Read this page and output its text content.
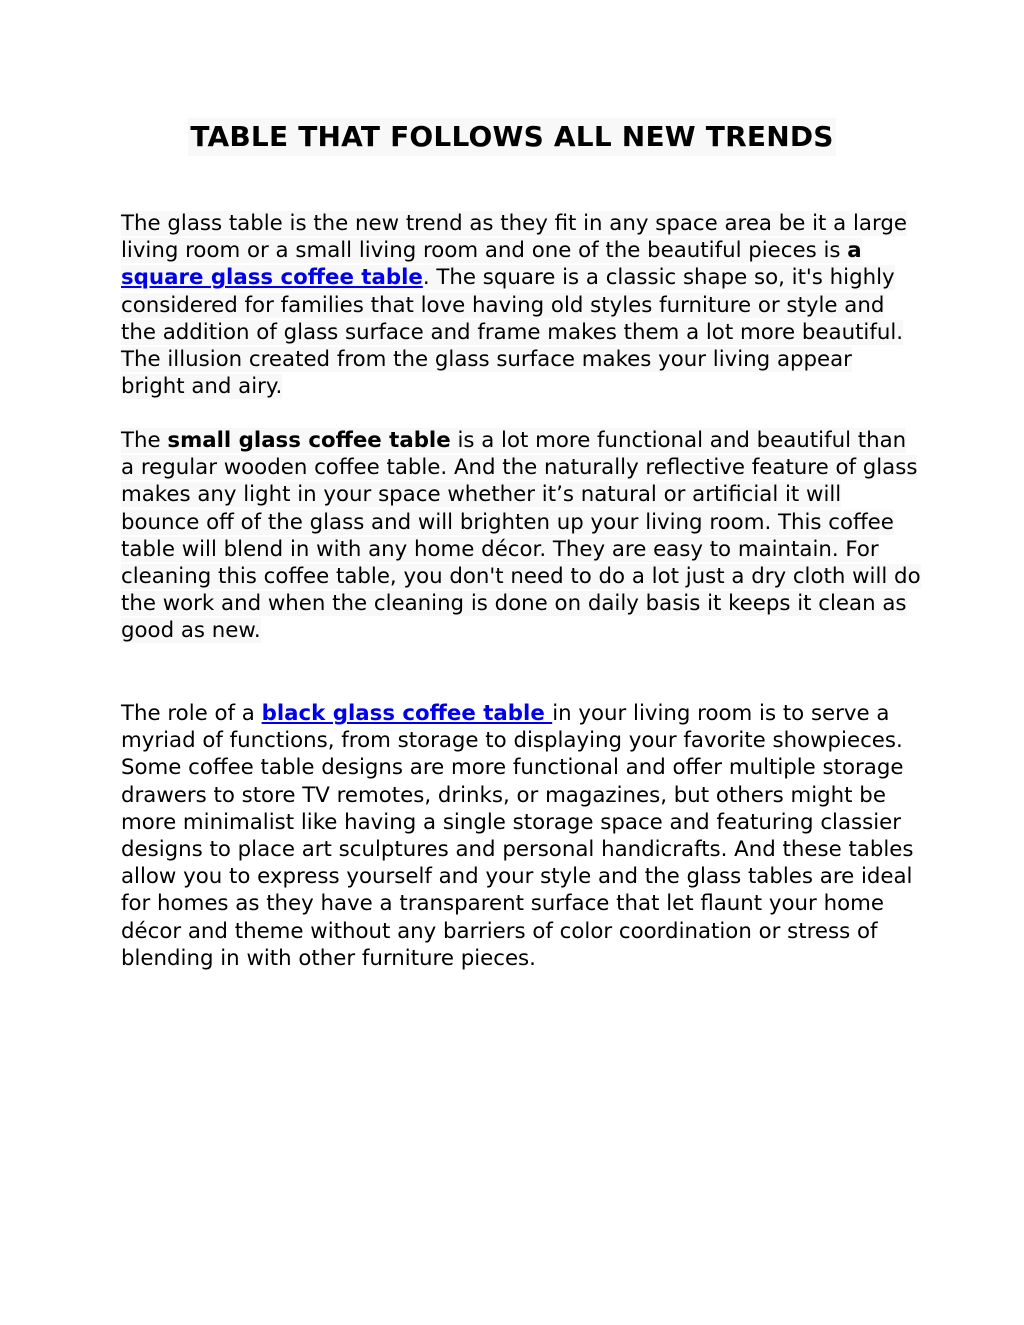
TABLE THAT FOLLOWS ALL NEW TRENDS

The glass table is the new trend as they fit in any space area be it a large living room or a small living room and one of the beautiful pieces is a square glass coffee table. The square is a classic shape so, it's highly considered for families that love having old styles furniture or style and the addition of glass surface and frame makes them a lot more beautiful. The illusion created from the glass surface makes your living appear bright and airy.

The small glass coffee table is a lot more functional and beautiful than a regular wooden coffee table. And the naturally reflective feature of glass makes any light in your space whether it’s natural or artificial it will bounce off of the glass and will brighten up your living room. This coffee table will blend in with any home décor. They are easy to maintain. For cleaning this coffee table, you don't need to do a lot just a dry cloth will do the work and when the cleaning is done on daily basis it keeps it clean as good as new.

The role of a black glass coffee table in your living room is to serve a myriad of functions, from storage to displaying your favorite showpieces. Some coffee table designs are more functional and offer multiple storage drawers to store TV remotes, drinks, or magazines, but others might be more minimalist like having a single storage space and featuring classier designs to place art sculptures and personal handicrafts. And these tables allow you to express yourself and your style and the glass tables are ideal for homes as they have a transparent surface that let flaunt your home décor and theme without any barriers of color coordination or stress of blending in with other furniture pieces.
